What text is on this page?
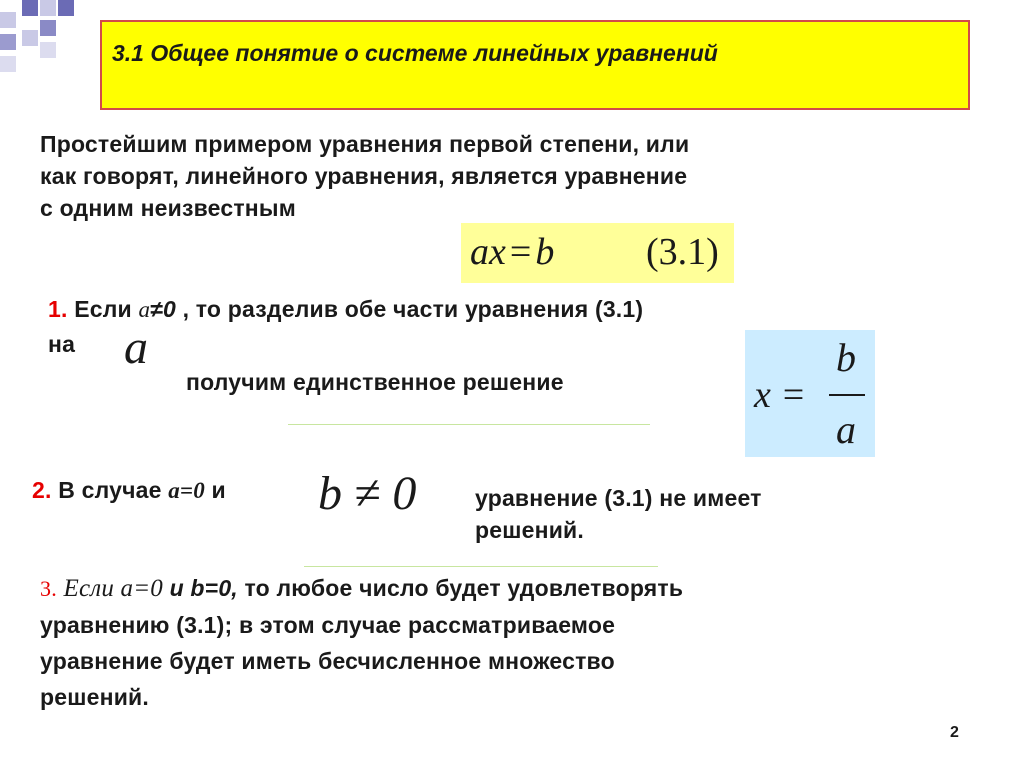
3.1 Общее понятие о системе линейных уравнений
Простейшим примером уравнения первой степени, или
как говорят, линейного уравнения, является уравнение
с одним неизвестным
ax = b (3.1)
1. Если a≠0 , то разделив обе части уравнения (3.1)
на a
получим единственное решение	x =
b
a
2. В случае a=0 и b ≠ 0	уравнение (3.1) не имеет
решений.
3. Если a=0 и b=0, то любое число будет удовлетворять
уравнению (3.1); в этом случае рассматриваемое
уравнение будет иметь бесчисленное множество
решений.
2
